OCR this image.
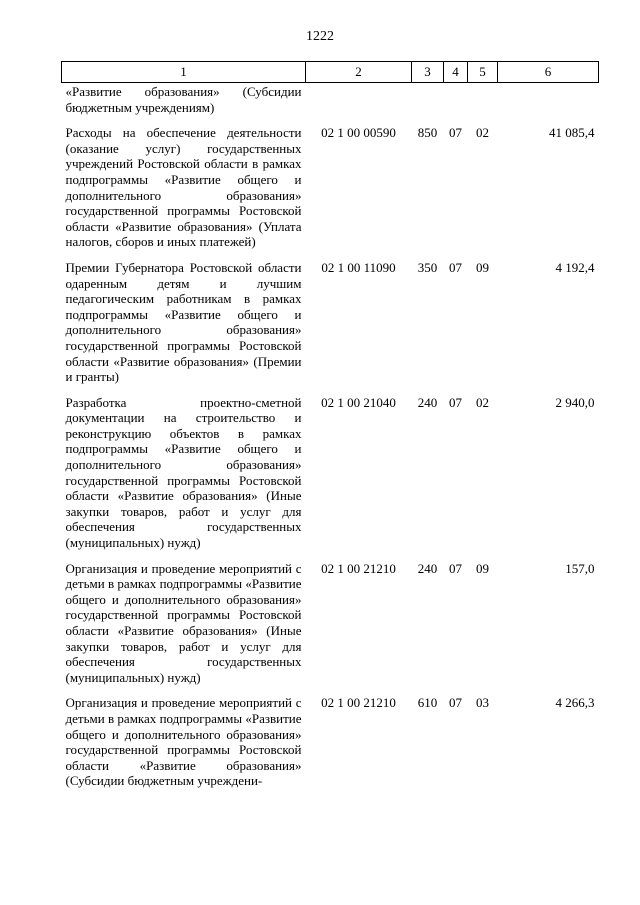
1222
1	2	3	4	5	6
«Развитие образования» (Субсидии бюджетным учреждениям)					
Расходы на обеспечение деятельности (оказание услуг) государственных учреждений Ростовской области в рамках подпрограммы «Развитие общего и дополнительного образования» государственной программы Ростовской области «Развитие образования» (Уплата налогов, сборов и иных платежей)	02 1 00 00590	850	07	02	41 085,4
Премии Губернатора Ростовской области одаренным детям и лучшим педагогическим работникам в рамках подпрограммы «Развитие общего и дополнительного образования» государственной программы Ростовской области «Развитие образования» (Премии и гранты)	02 1 00 11090	350	07	09	4 192,4
Разработка проектно-сметной документации на строительство и реконструкцию объектов в рамках подпрограммы «Развитие общего и дополнительного образования» государственной программы Ростовской области «Развитие образования» (Иные закупки товаров, работ и услуг для обеспечения государственных (муниципальных) нужд)	02 1 00 21040	240	07	02	2 940,0
Организация и проведение мероприятий с детьми в рамках подпрограммы «Развитие общего и дополнительного образования» государственной программы Ростовской области «Развитие образования» (Иные закупки товаров, работ и услуг для обеспечения государственных (муниципальных) нужд)	02 1 00 21210	240	07	09	157,0
Организация и проведение мероприятий с детьми в рамках подпрограммы «Развитие общего и дополнительного образования» государственной программы Ростовской области «Развитие образования» (Субсидии бюджетным учреждени-	02 1 00 21210	610	07	03	4 266,3
